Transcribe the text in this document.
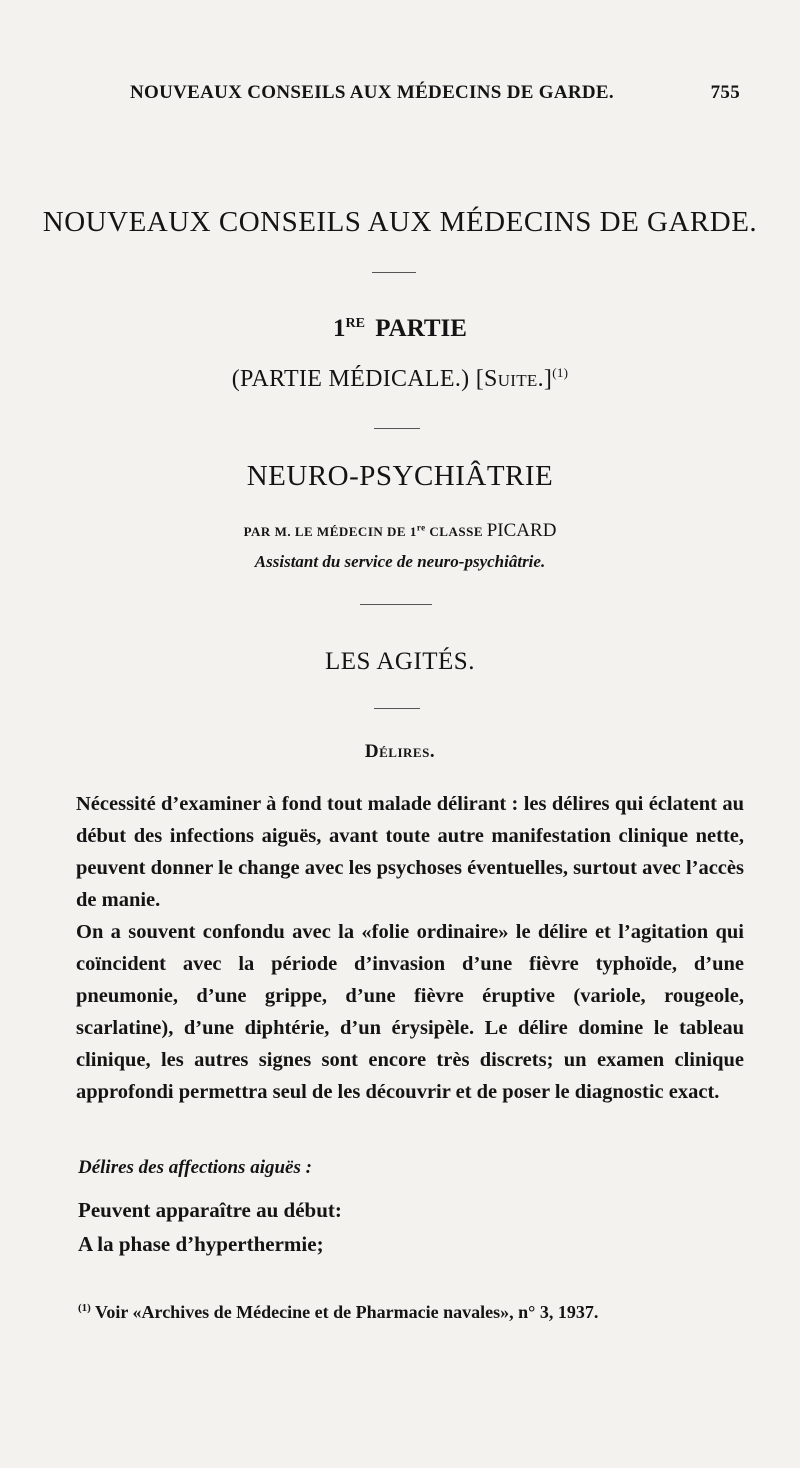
NOUVEAUX CONSEILS AUX MÉDECINS DE GARDE.	755
NOUVEAUX CONSEILS AUX MÉDECINS DE GARDE.
1RE PARTIE
(PARTIE MÉDICALE.) [Suite.]$^{(1)}$
NEURO-PSYCHIÂTRIE
PAR M. LE MÉDECIN DE 1re CLASSE PICARD
Assistant du service de neuro-psychiâtrie.
LES AGITÉS.
Délires.

Nécessité d’examiner à fond tout malade délirant : les délires qui éclatent au début des infections aiguës, avant toute autre manifestation clinique nette, peuvent donner le change avec les psychoses éventuelles, surtout avec l’accès de manie.

On a souvent confondu avec la «folie ordinaire» le délire et l’agitation qui coïncident avec la période d’invasion d’une fièvre typhoïde, d’une pneumonie, d’une grippe, d’une fièvre éruptive (variole, rougeole, scarlatine), d’une diphtérie, d’un érysipèle. Le délire domine le tableau clinique, les autres signes sont encore très discrets; un examen clinique approfondi permettra seul de les découvrir et de poser le diagnostic exact.

Délires des affections aiguës :
Peuvent apparaître au début:
A la phase d’hyperthermie;
$^{(1)}$ Voir «Archives de Médecine et de Pharmacie navales», n° 3, 1937.
